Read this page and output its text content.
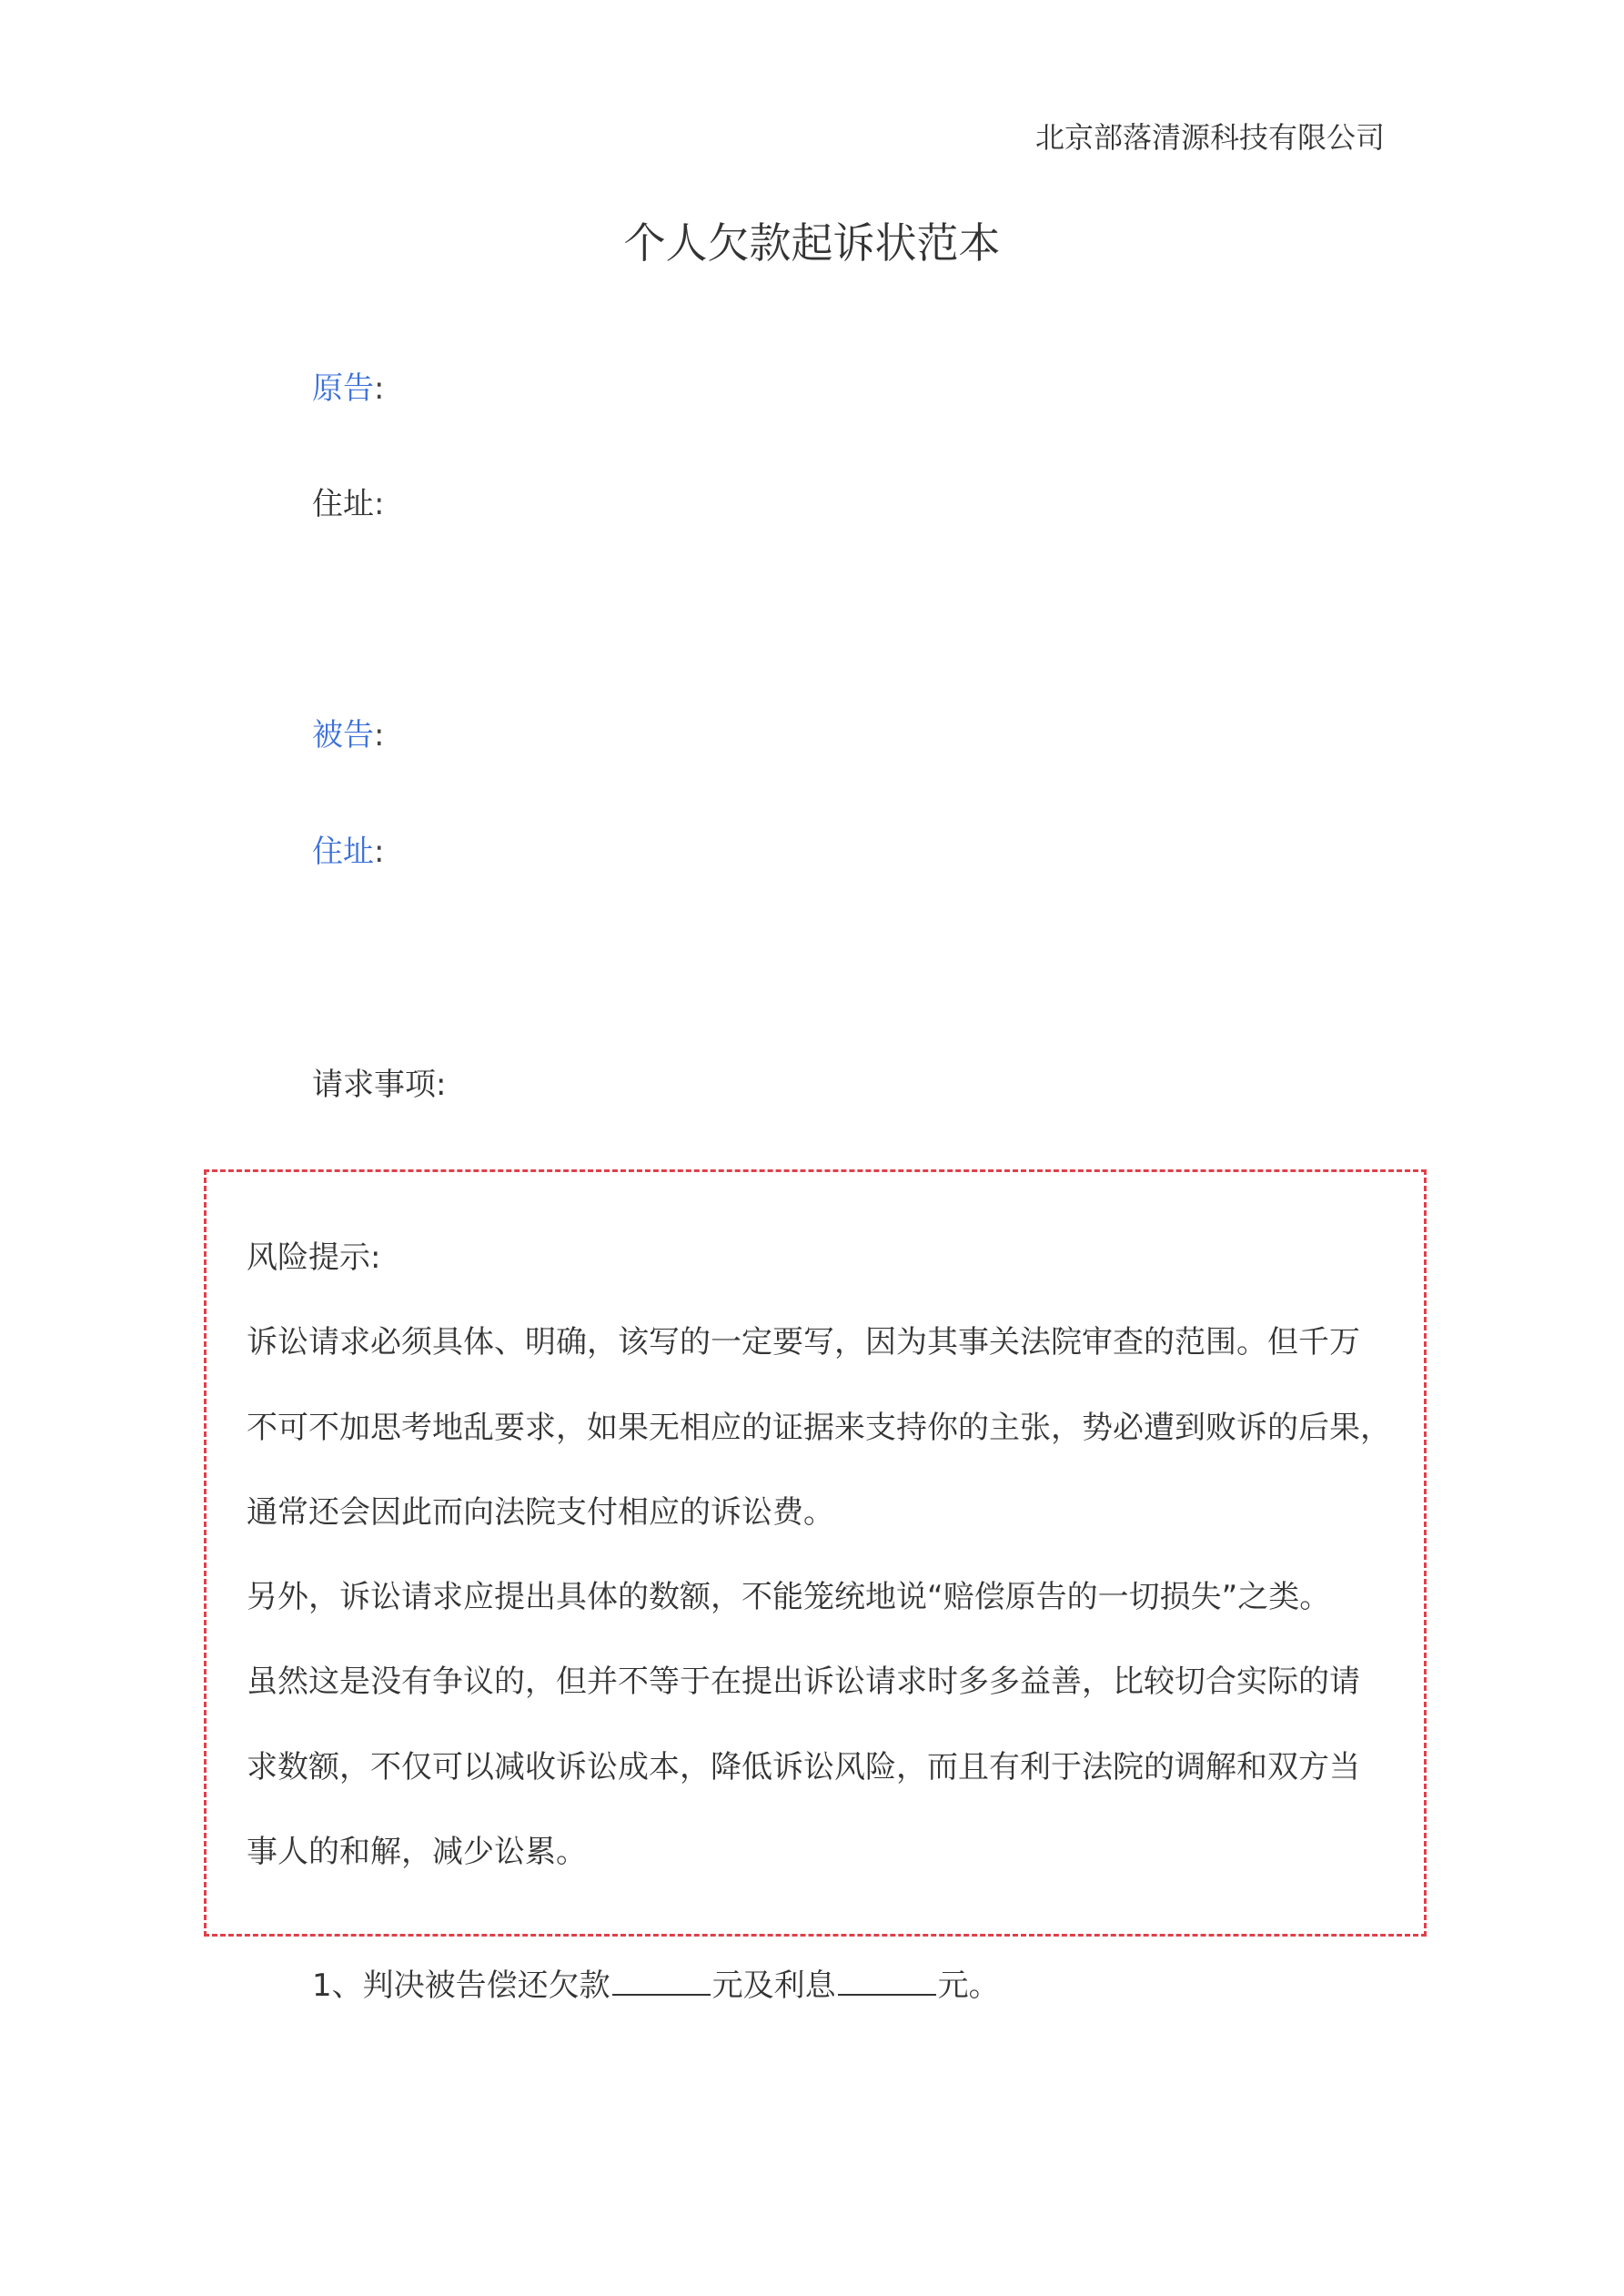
北京部落清源科技有限公司
个人欠款起诉状范本
原告:
住址:
被告:
住址:
请求事项:
风险提示:
诉讼请求必须具体、明确，该写的一定要写，因为其事关法院审查的范围。但千万
不可不加思考地乱要求，如果无相应的证据来支持你的主张，势必遭到败诉的后果，
通常还会因此而向法院支付相应的诉讼费。
另外，诉讼请求应提出具体的数额，不能笼统地说“赔偿原告的一切损失”之类。
虽然这是没有争议的，但并不等于在提出诉讼请求时多多益善，比较切合实际的请
求数额，不仅可以减收诉讼成本，降低诉讼风险，而且有利于法院的调解和双方当
事人的和解，减少讼累。
1、判决被告偿还欠款	元及利息	元。
